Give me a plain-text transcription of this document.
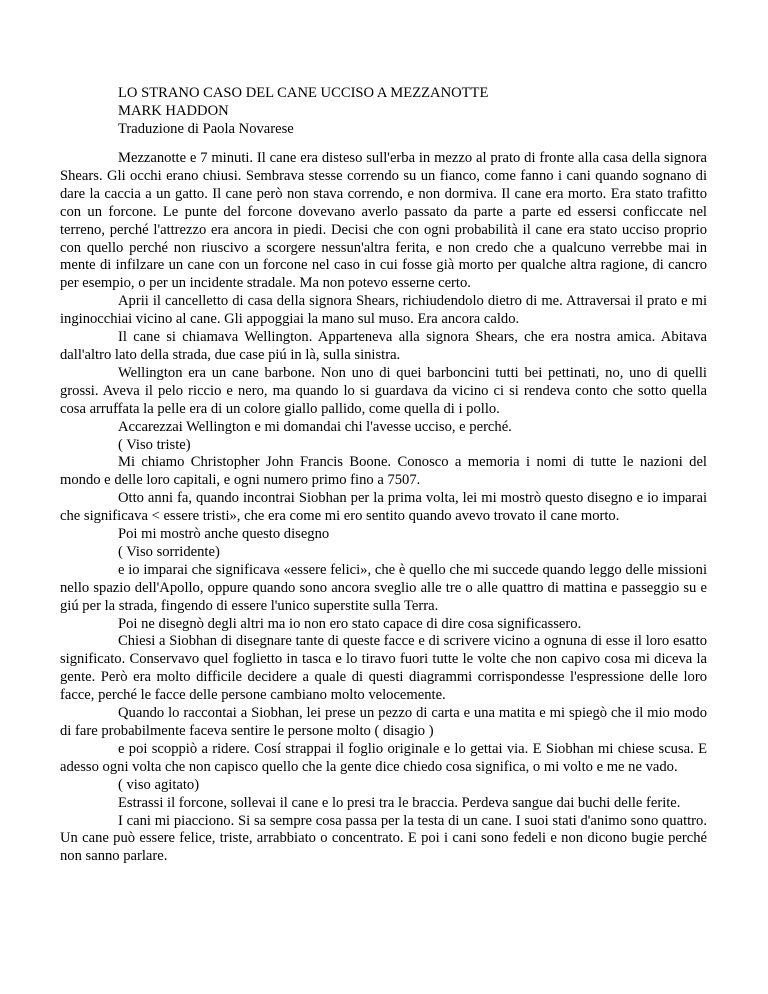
LO STRANO CASO DEL CANE UCCISO A MEZZANOTTE
MARK HADDON
Traduzione di Paola Novarese

Mezzanotte e 7 minuti. Il cane era disteso sull'erba in mezzo al prato di fronte alla casa della signora Shears. Gli occhi erano chiusi. Sembrava stesse correndo su un fianco, come fanno i cani quando sognano di dare la caccia a un gatto. Il cane però non stava correndo, e non dormiva. Il cane era morto. Era stato trafitto con un forcone. Le punte del forcone dovevano averlo passato da parte a parte ed essersi conficcate nel terreno, perché l'attrezzo era ancora in piedi. Decisi che con ogni probabilità il cane era stato ucciso proprio con quello perché non riuscivo a scorgere nessun'altra ferita, e non credo che a qualcuno verrebbe mai in mente di infilzare un cane con un forcone nel caso in cui fosse già morto per qualche altra ragione, di cancro per esempio, o per un incidente stradale. Ma non potevo esserne certo.

Aprii il cancelletto di casa della signora Shears, richiudendolo dietro di me. Attraversai il prato e mi inginocchiai vicino al cane. Gli appoggiai la mano sul muso. Era ancora caldo.

Il cane si chiamava Wellington. Apparteneva alla signora Shears, che era nostra amica. Abitava dall'altro lato della strada, due case piú in là, sulla sinistra.

Wellington era un cane barbone. Non uno di quei barboncini tutti bei pettinati, no, uno di quelli grossi. Aveva il pelo riccio e nero, ma quando lo si guardava da vicino ci si rendeva conto che sotto quella cosa arruffata la pelle era di un colore giallo pallido, come quella di i pollo.

Accarezzai Wellington e mi domandai chi l'avesse ucciso, e perché.

( Viso triste)

Mi chiamo Christopher John Francis Boone. Conosco a memoria i nomi di tutte le nazioni del mondo e delle loro capitali, e ogni numero primo fino a 7507.

Otto anni fa, quando incontrai Siobhan per la prima volta, lei mi mostrò questo disegno e io imparai che significava < essere tristi», che era come mi ero sentito quando avevo trovato il cane morto.

Poi mi mostrò anche questo disegno

( Viso sorridente)

e io imparai che significava «essere felici», che è quello che mi succede quando leggo delle missioni nello spazio dell'Apollo, oppure quando sono ancora sveglio alle tre o alle quattro di mattina e passeggio su e giú per la strada, fingendo di essere l'unico superstite sulla Terra.

Poi ne disegnò degli altri ma io non ero stato capace di dire cosa significassero.

Chiesi a Siobhan di disegnare tante di queste facce e di scrivere vicino a ognuna di esse il loro esatto significato. Conservavo quel foglietto in tasca e lo tiravo fuori tutte le volte che non capivo cosa mi diceva la gente. Però era molto difficile decidere a quale di questi diagrammi corrispondesse l'espressione delle loro facce, perché le facce delle persone cambiano molto velocemente.

Quando lo raccontai a Siobhan, lei prese un pezzo di carta e una matita e mi spiegò che il mio modo di fare probabilmente faceva sentire le persone molto ( disagio )

e poi scoppiò a ridere. Cosí strappai il foglio originale e lo gettai via. E Siobhan mi chiese scusa. E adesso ogni volta che non capisco quello che la gente dice chiedo cosa significa, o mi volto e me ne vado.

( viso agitato)

Estrassi il forcone, sollevai il cane e lo presi tra le braccia. Perdeva sangue dai buchi delle ferite.

I cani mi piacciono. Si sa sempre cosa passa per la testa di un cane. I suoi stati d'animo sono quattro. Un cane può essere felice, triste, arrabbiato o concentrato. E poi i cani sono fedeli e non dicono bugie perché non sanno parlare.
